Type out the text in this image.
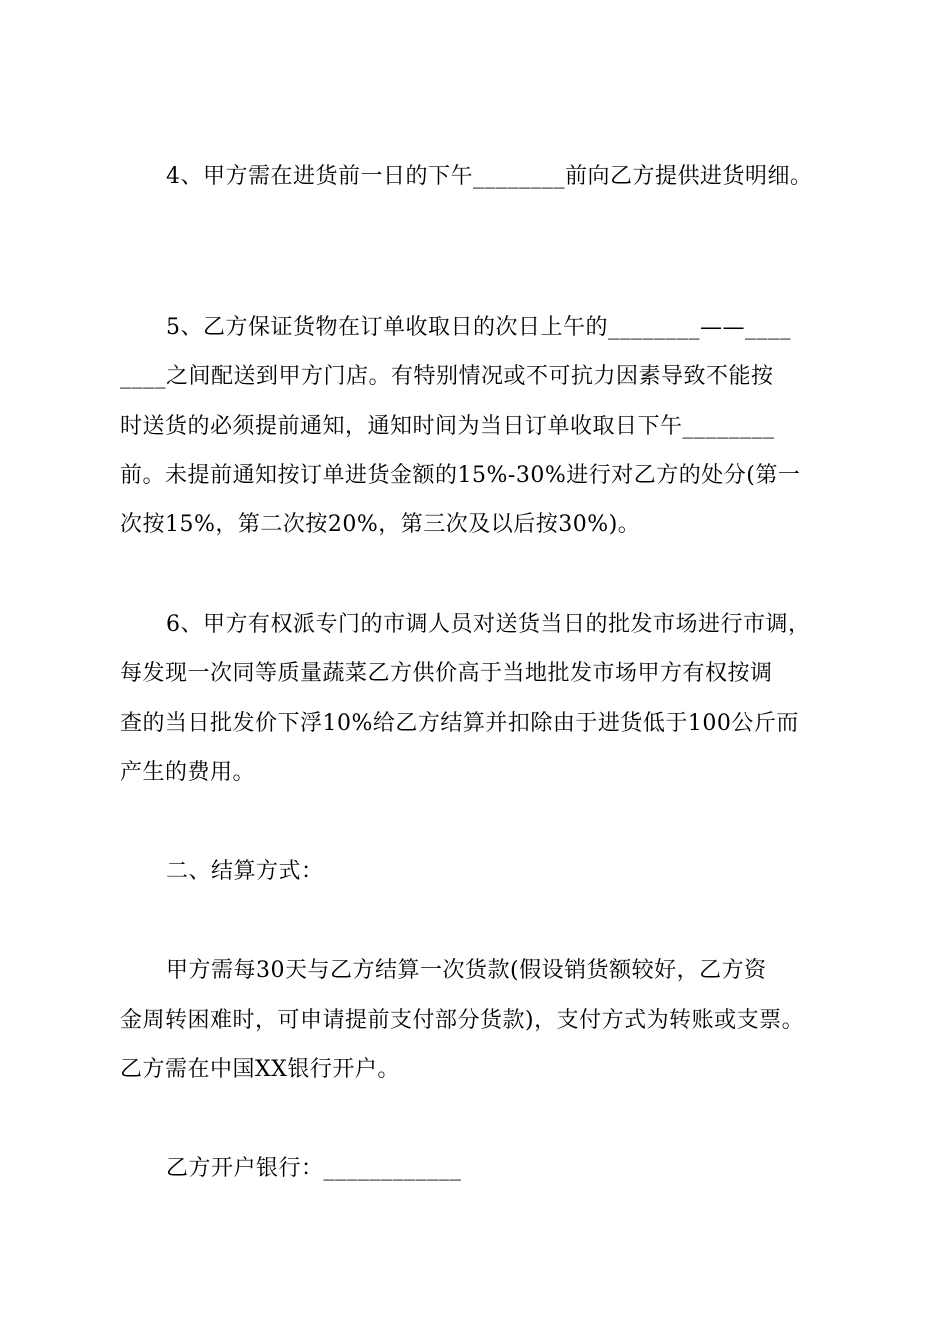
4、甲方需在进货前一日的下午________前向乙方提供进货明细。
5、乙方保证货物在订单收取日的次日上午的________——____
____之间配送到甲方门店。有特别情况或不可抗力因素导致不能按
时送货的必须提前通知，通知时间为当日订单收取日下午________
前。未提前通知按订单进货金额的15%-30%进行对乙方的处分(第一
次按15%，第二次按20%，第三次及以后按30%)。
6、甲方有权派专门的市调人员对送货当日的批发市场进行市调，
每发现一次同等质量蔬菜乙方供价高于当地批发市场甲方有权按调
查的当日批发价下浮10%给乙方结算并扣除由于进货低于100公斤而
产生的费用。
二、结算方式：
甲方需每30天与乙方结算一次货款(假设销货额较好，乙方资
金周转困难时，可申请提前支付部分货款)，支付方式为转账或支票。
乙方需在中国XX银行开户。
乙方开户银行：____________
